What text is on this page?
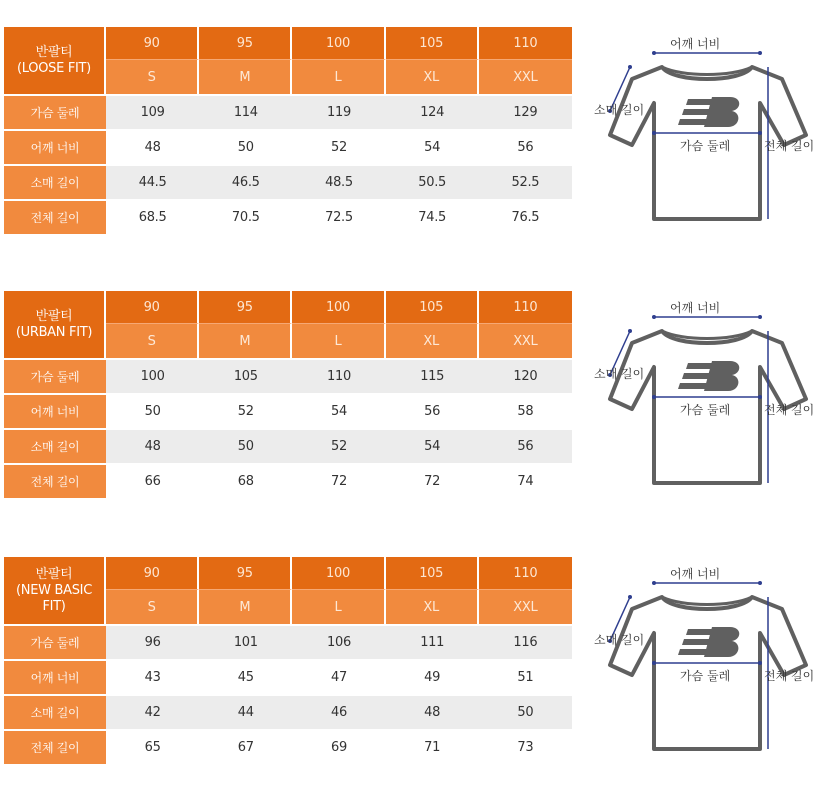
반팔티
(LOOSE FIT)	90	95	100	105	110
	S	M	L	XL	XXL
가슴 둘레	109	114	119	124	129
어깨 너비	48	50	52	54	56
소매 길이	44.5	46.5	48.5	50.5	52.5
전체 길이	68.5	70.5	72.5	74.5	76.5
반팔티
(URBAN FIT)	90	95	100	105	110
	S	M	L	XL	XXL
가슴 둘레	100	105	110	115	120
어깨 너비	50	52	54	56	58
소매 길이	48	50	52	54	56
전체 길이	66	68	72	72	74
반팔티
(NEW BASIC FIT)	90	95	100	105	110
	S	M	L	XL	XXL
가슴 둘레	96	101	106	111	116
어깨 너비	43	45	47	49	51
소매 길이	42	44	46	48	50
전체 길이	65	67	69	71	73
어깨 너비
소매 길이
가슴 둘레	전체 길이
어깨 너비
소매 길이
가슴 둘레	전체 길이
어깨 너비
소매 길이
가슴 둘레	전체 길이
